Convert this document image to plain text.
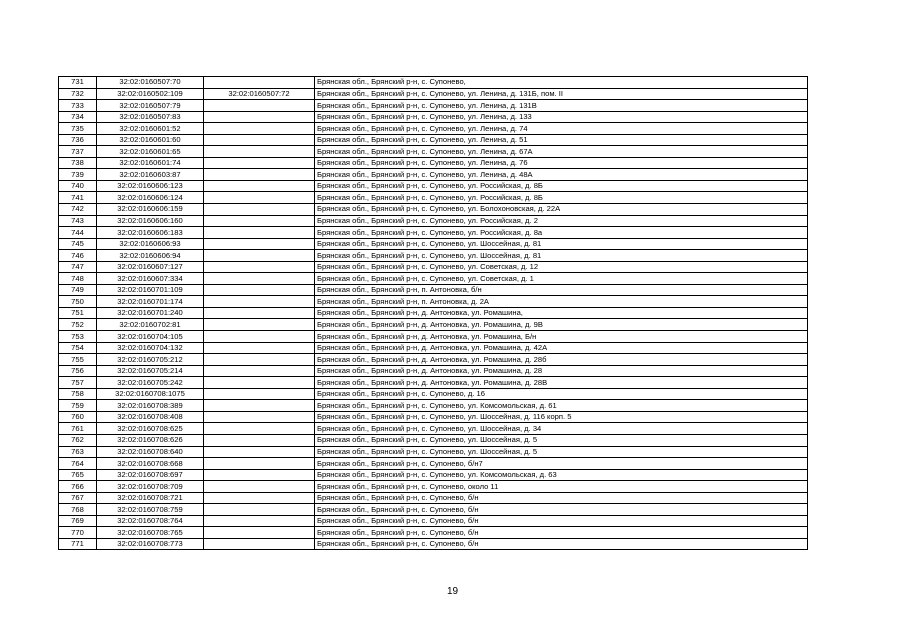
731	32:02:0160507:70		Брянская обл., Брянский р-н, с. Супонево,
732	32:02:0160502:109	32:02:0160507:72	Брянская обл., Брянский р-н, с. Супонево, ул. Ленина, д. 131Б, пом. II
733	32:02:0160507:79		Брянская обл., Брянский р-н, с. Супонево, ул. Ленина, д. 131В
734	32:02:0160507:83		Брянская обл., Брянский р-н, с. Супонево, ул. Ленина, д. 133
735	32:02:0160601:52		Брянская обл., Брянский р-н, с. Супонево, ул. Ленина, д. 74
736	32:02:0160601:60		Брянская обл., Брянский р-н, с. Супонево, ул. Ленина, д. 51
737	32:02:0160601:65		Брянская обл., Брянский р-н, с. Супонево, ул. Ленина, д. 67А
738	32:02:0160601:74		Брянская обл., Брянский р-н, с. Супонево, ул. Ленина, д. 76
739	32:02:0160603:87		Брянская обл., Брянский р-н, с. Супонево, ул. Ленина, д. 48А
740	32:02:0160606:123		Брянская обл., Брянский р-н, с. Супонево, ул. Российская, д. 8Б
741	32:02:0160606:124		Брянская обл., Брянский р-н, с. Супонево, ул. Российская, д. 8Б
742	32:02:0160606:159		Брянская обл., Брянский р-н, с. Супонево, ул. Болохоновская, д. 22А
743	32:02:0160606:160		Брянская обл., Брянский р-н, с. Супонево, ул. Российская, д. 2
744	32:02:0160606:183		Брянская обл., Брянский р-н, с. Супонево, ул. Российская, д. 8а
745	32:02:0160606:93		Брянская обл., Брянский р-н, с. Супонево, ул. Шоссейная, д. 81
746	32:02:0160606:94		Брянская обл., Брянский р-н, с. Супонево, ул. Шоссейная, д. 81
747	32:02:0160607:127		Брянская обл., Брянский р-н, с. Супонево, ул. Советская, д. 12
748	32:02:0160607:334		Брянская обл., Брянский р-н, с. Супонево, ул. Советская, д. 1
749	32:02:0160701:109		Брянская обл., Брянский р-н, п. Антоновка, б/н
750	32:02:0160701:174		Брянская обл., Брянский р-н, п. Антоновка, д. 2А
751	32:02:0160701:240		Брянская обл., Брянский р-н, д. Антоновка, ул. Ромашина,
752	32:02:0160702:81		Брянская обл., Брянский р-н, д. Антоновка, ул. Ромашина, д. 9В
753	32:02:0160704:105		Брянская обл., Брянский р-н, д. Антоновка, ул. Ромашина, Б/н
754	32:02:0160704:132		Брянская обл., Брянский р-н, д. Антоновка, ул. Ромашина, д. 42А
755	32:02:0160705:212		Брянская обл., Брянский р-н, д. Антоновка, ул. Ромашина, д. 28б
756	32:02:0160705:214		Брянская обл., Брянский р-н, д. Антоновка, ул. Ромашина, д. 28
757	32:02:0160705:242		Брянская обл., Брянский р-н, д. Антоновка, ул. Ромашина, д. 28В
758	32:02:0160708:1075		Брянская обл., Брянский р-н, с. Супонево, д. 16
759	32:02:0160708:389		Брянская обл., Брянский р-н, с. Супонево, ул. Комсомольская, д. 61
760	32:02:0160708:408		Брянская обл., Брянский р-н, с. Супонево, ул. Шоссейная, д. 116 корп. 5
761	32:02:0160708:625		Брянская обл., Брянский р-н, с. Супонево, ул. Шоссейная, д. 34
762	32:02:0160708:626		Брянская обл., Брянский р-н, с. Супонево, ул. Шоссейная, д. 5
763	32:02:0160708:640		Брянская обл., Брянский р-н, с. Супонево, ул. Шоссейная, д. 5
764	32:02:0160708:668		Брянская обл., Брянский р-н, с. Супонево, б/н7
765	32:02:0160708:697		Брянская обл., Брянский р-н, с. Супонево, ул. Комсомольская, д. 63
766	32:02:0160708:709		Брянская обл., Брянский р-н, с. Супонево, около 11
767	32:02:0160708:721		Брянская обл., Брянский р-н, с. Супонево, б/н
768	32:02:0160708:759		Брянская обл., Брянский р-н, с. Супонево, б/н
769	32:02:0160708:764		Брянская обл., Брянский р-н, с. Супонево, б/н
770	32:02:0160708:765		Брянская обл., Брянский р-н, с. Супонево, б/н
771	32:02:0160708:773		Брянская обл., Брянский р-н, с. Супонево, б/н
19
